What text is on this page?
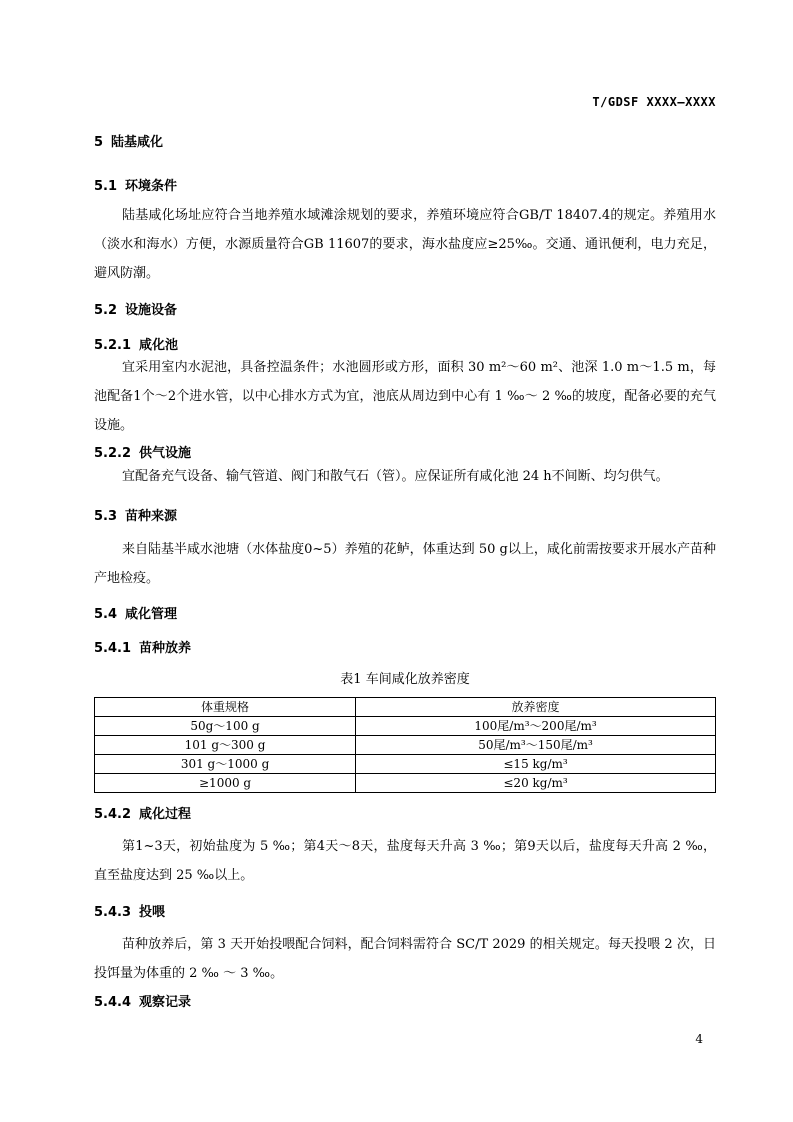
T/GDSF XXXX—XXXX
5 陆基咸化
5.1 环境条件
陆基咸化场址应符合当地养殖水域滩涂规划的要求，养殖环境应符合GB/T 18407.4的规定。养殖用水（淡水和海水）方便，水源质量符合GB 11607的要求，海水盐度应≥25‰。交通、通讯便利，电力充足，避风防潮。
5.2 设施设备
5.2.1 咸化池
宜采用室内水泥池，具备控温条件；水池圆形或方形，面积 30 m²～60 m²、池深 1.0 m～1.5 m，每池配备1个～2个进水管，以中心排水方式为宜，池底从周边到中心有 1 ‰～ 2 ‰的坡度，配备必要的充气设施。
5.2.2 供气设施
宜配备充气设备、输气管道、阀门和散气石（管）。应保证所有咸化池 24 h不间断、均匀供气。
5.3 苗种来源
来自陆基半咸水池塘（水体盐度0~5）养殖的花鲈，体重达到 50 g以上，咸化前需按要求开展水产苗种产地检疫。
5.4 咸化管理
5.4.1 苗种放养
表1 车间咸化放养密度
体重规格	放养密度
50g～100 g	100尾/m³～200尾/m³
101 g～300 g	50尾/m³～150尾/m³
301 g～1000 g	≤15 kg/m³
≥1000 g	≤20 kg/m³
5.4.2 咸化过程
第1~3天，初始盐度为 5 ‰；第4天～8天，盐度每天升高 3 ‰；第9天以后，盐度每天升高 2 ‰，直至盐度达到 25 ‰以上。
5.4.3 投喂
苗种放养后，第 3 天开始投喂配合饲料，配合饲料需符合 SC/T 2029 的相关规定。每天投喂 2 次，日投饵量为体重的 2 ‰ ～ 3 ‰。
5.4.4 观察记录
4
